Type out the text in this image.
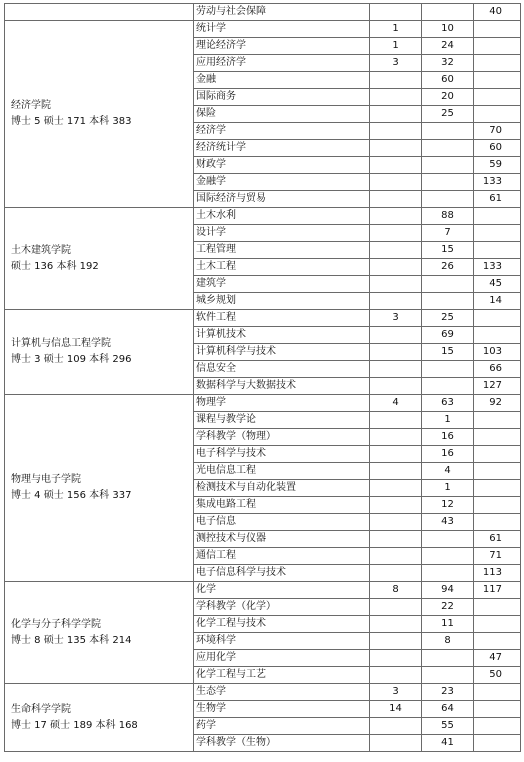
	劳动与社会保障			40

经济学院
博士 5 硕士 171 本科 383	统计学	1	10	
	理论经济学	1	24	
	应用经济学	3	32	
	金融		60	
	国际商务		20	
	保险		25	
	经济学			70
	经济统计学			60
	财政学			59
	金融学			133
	国际经济与贸易			61

土木建筑学院
硕士 136 本科 192	土木水利		88	
	设计学		7	
	工程管理		15	
	土木工程		26	133
	建筑学			45
	城乡规划			14

计算机与信息工程学院
博士 3 硕士 109 本科 296	软件工程	3	25	
	计算机技术		69	
	计算机科学与技术		15	103
	信息安全			66
	数据科学与大数据技术			127

物理与电子学院
博士 4 硕士 156 本科 337	物理学	4	63	92
	课程与教学论		1	
	学科教学（物理）		16	
	电子科学与技术		16	
	光电信息工程		4	
	检测技术与自动化装置		1	
	集成电路工程		12	
	电子信息		43	
	测控技术与仪器			61
	通信工程			71
	电子信息科学与技术			113

化学与分子科学学院
博士 8 硕士 135 本科 214	化学	8	94	117
	学科教学（化学）		22	
	化学工程与技术		11	
	环境科学		8	
	应用化学			47
	化学工程与工艺			50

生命科学学院
博士 17 硕士 189 本科 168	生态学	3	23	
	生物学	14	64	
	药学		55	
	学科教学（生物）		41	
